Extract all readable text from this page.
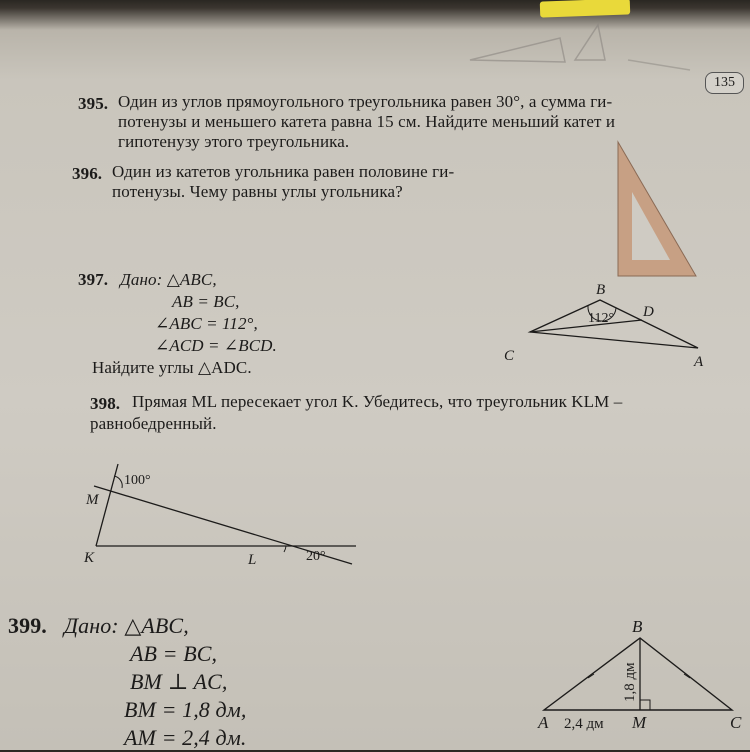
135
395. Один из углов прямоугольного треугольника равен 30°, а сумма ги-
потенузы и меньшего катета равна 15 см. Найдите меньший катет и
гипотенузу этого треугольника.
396. Один из катетов угольника равен половине ги-
потенузы. Чему равны углы угольника?
397. Дано: △ABC,
AB = BC,
∠ABC = 112°,
∠ACD = ∠BCD.
Найдите углы △ADC.
B
D
C	A
112°
398. Прямая ML пересекает угол K. Убедитесь, что треугольник KLM –
равнобедренный.
100°
M
K	L	20°
399. Дано: △ABC,
AB = BC,
BM ⊥ AC,
BM = 1,8 дм,
AM = 2,4 дм.
B
A 2,4 дм M	C
1,8 дм
